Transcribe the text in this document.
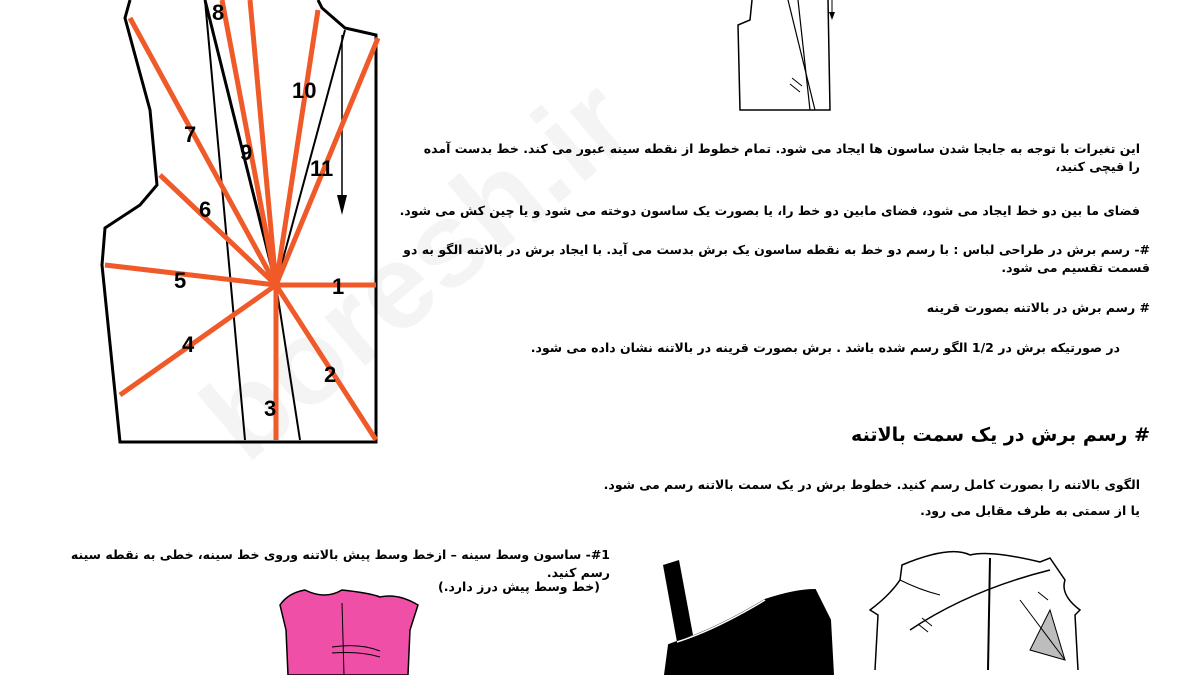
1
2
3
4
5
6
7
8
9
10
11
این تغیرات با توجه به جابجا شدن ساسون ها ایجاد می شود. تمام خطوط از نقطه سینه عبور می کند. خط بدست آمده را قیچی کنید،
فضای ما بین دو خط ایجاد می شود، فضای مابین دو خط را، یا بصورت یک ساسون دوخته می شود و یا چین کش می شود.
#- رسم برش در طراحی لباس : با رسم دو خط به نقطه ساسون یک برش بدست می آید. با ایجاد برش در بالاتنه الگو به دو قسمت تقسیم می شود.
# رسم برش در بالاتنه بصورت قرینه
در صورتیکه برش در 1/2 الگو رسم شده باشد . برش بصورت قرینه در بالاتنه نشان داده می شود.
# رسم برش در یک سمت بالاتنه
الگوی بالاتنه را بصورت کامل رسم کنید. خطوط برش در یک سمت بالاتنه رسم می شود.
یا از سمتی به طرف مقابل می رود.
#1- ساسون وسط سینه – ازخط وسط پیش بالاتنه وروی خط سینه، خطی به نقطه سینه رسم کنید.
(خط وسط پیش درز دارد.)
